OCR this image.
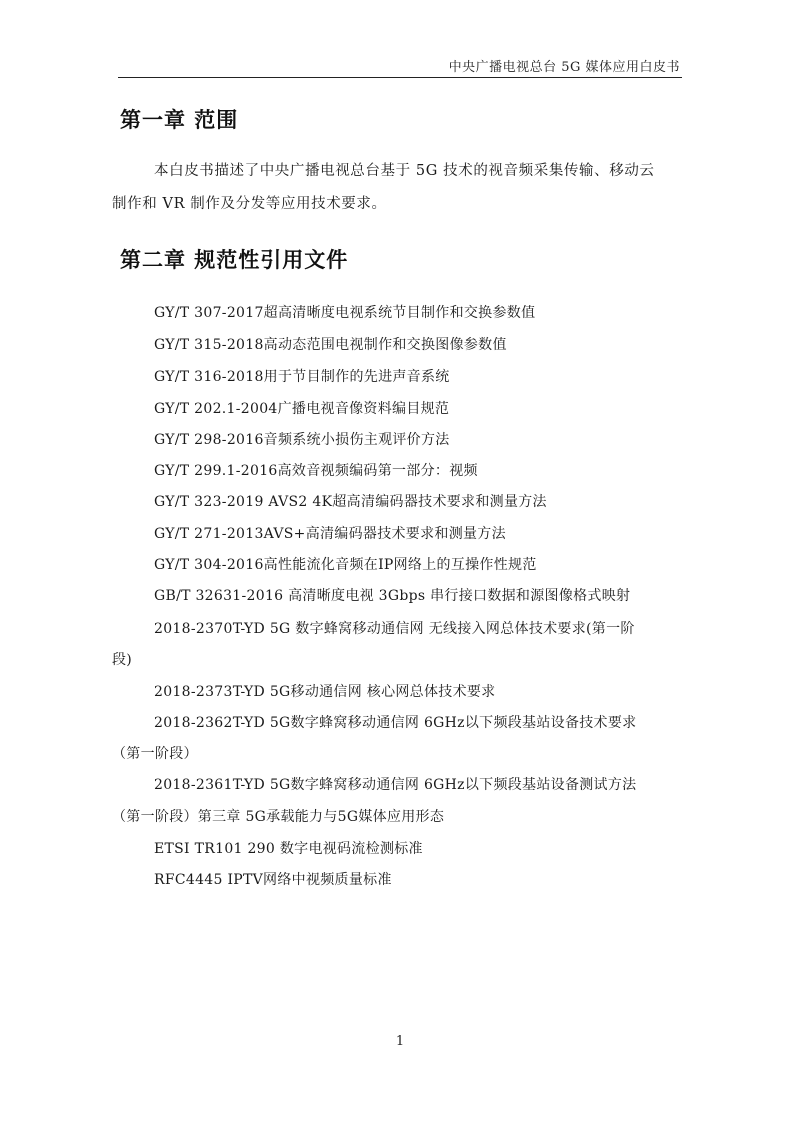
中央广播电视总台 5G 媒体应用白皮书
第一章 范围
本白皮书描述了中央广播电视总台基于 5G 技术的视音频采集传输、移动云
制作和 VR 制作及分发等应用技术要求。
第二章 规范性引用文件
GY/T 307-2017超高清晰度电视系统节目制作和交换参数值
GY/T 315-2018高动态范围电视制作和交换图像参数值
GY/T 316-2018用于节目制作的先进声音系统
GY/T 202.1-2004广播电视音像资料编目规范
GY/T 298-2016音频系统小损伤主观评价方法
GY/T 299.1-2016高效音视频编码第一部分：视频
GY/T 323-2019 AVS2 4K超高清编码器技术要求和测量方法
GY/T 271-2013AVS+高清编码器技术要求和测量方法
GY/T 304-2016高性能流化音频在IP网络上的互操作性规范
GB/T 32631-2016 高清晰度电视 3Gbps 串行接口数据和源图像格式映射
2018-2370T-YD 5G 数字蜂窝移动通信网 无线接入网总体技术要求(第一阶
段)
2018-2373T-YD 5G移动通信网 核心网总体技术要求
2018-2362T-YD 5G数字蜂窝移动通信网 6GHz以下频段基站设备技术要求
（第一阶段）
2018-2361T-YD 5G数字蜂窝移动通信网 6GHz以下频段基站设备测试方法
（第一阶段）第三章 5G承载能力与5G媒体应用形态
ETSI TR101 290 数字电视码流检测标准
RFC4445 IPTV网络中视频质量标准
1
